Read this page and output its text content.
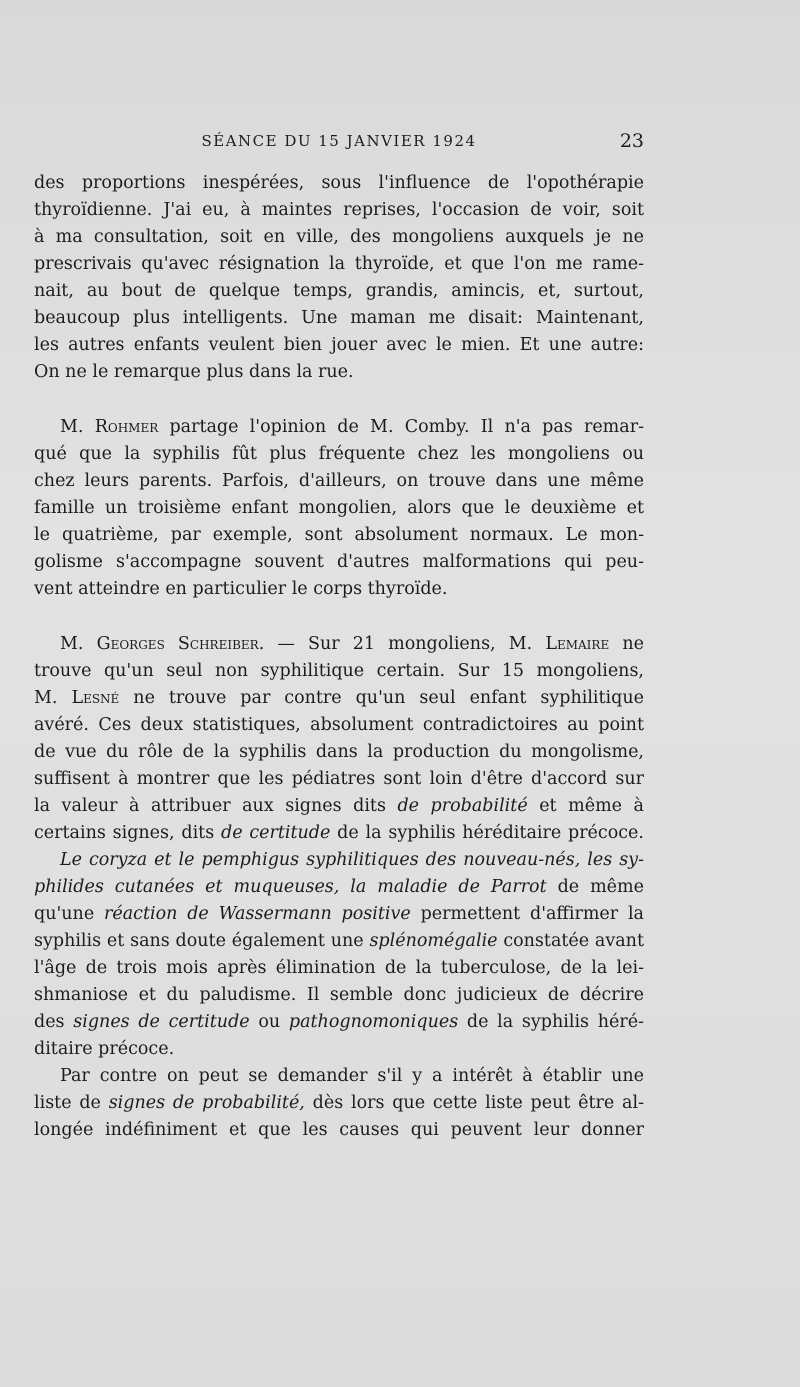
SÉANCE DU 15 JANVIER 1924	23
des proportions inespérées, sous l'influence de l'opothérapie
thyroïdienne. J'ai eu, à maintes reprises, l'occasion de voir, soit
à ma consultation, soit en ville, des mongoliens auxquels je ne
prescrivais qu'avec résignation la thyroïde, et que l'on me rame-
nait, au bout de quelque temps, grandis, amincis, et, surtout,
beaucoup plus intelligents. Une maman me disait: Maintenant,
les autres enfants veulent bien jouer avec le mien. Et une autre:
On ne le remarque plus dans la rue.
M. Rohmer partage l'opinion de M. Comby. Il n'a pas remar-
qué que la syphilis fût plus fréquente chez les mongoliens ou
chez leurs parents. Parfois, d'ailleurs, on trouve dans une même
famille un troisième enfant mongolien, alors que le deuxième et
le quatrième, par exemple, sont absolument normaux. Le mon-
golisme s'accompagne souvent d'autres malformations qui peu-
vent atteindre en particulier le corps thyroïde.
M. Georges Schreiber. — Sur 21 mongoliens, M. Lemaire ne
trouve qu'un seul non syphilitique certain. Sur 15 mongoliens,
M. Lesné ne trouve par contre qu'un seul enfant syphilitique
avéré. Ces deux statistiques, absolument contradictoires au point
de vue du rôle de la syphilis dans la production du mongolisme,
suffisent à montrer que les pédiatres sont loin d'être d'accord sur
la valeur à attribuer aux signes dits de probabilité et même à
certains signes, dits de certitude de la syphilis héréditaire précoce.
Le coryza et le pemphigus syphilitiques des nouveau-nés, les sy-
philides cutanées et muqueuses, la maladie de Parrot de même
qu'une réaction de Wassermann positive permettent d'affirmer la
syphilis et sans doute également une splénomégalie constatée avant
l'âge de trois mois après élimination de la tuberculose, de la lei-
shmaniose et du paludisme. Il semble donc judicieux de décrire
des signes de certitude ou pathognomoniques de la syphilis héré-
ditaire précoce.
Par contre on peut se demander s'il y a intérêt à établir une
liste de signes de probabilité, dès lors que cette liste peut être al-
longée indéfiniment et que les causes qui peuvent leur donner
